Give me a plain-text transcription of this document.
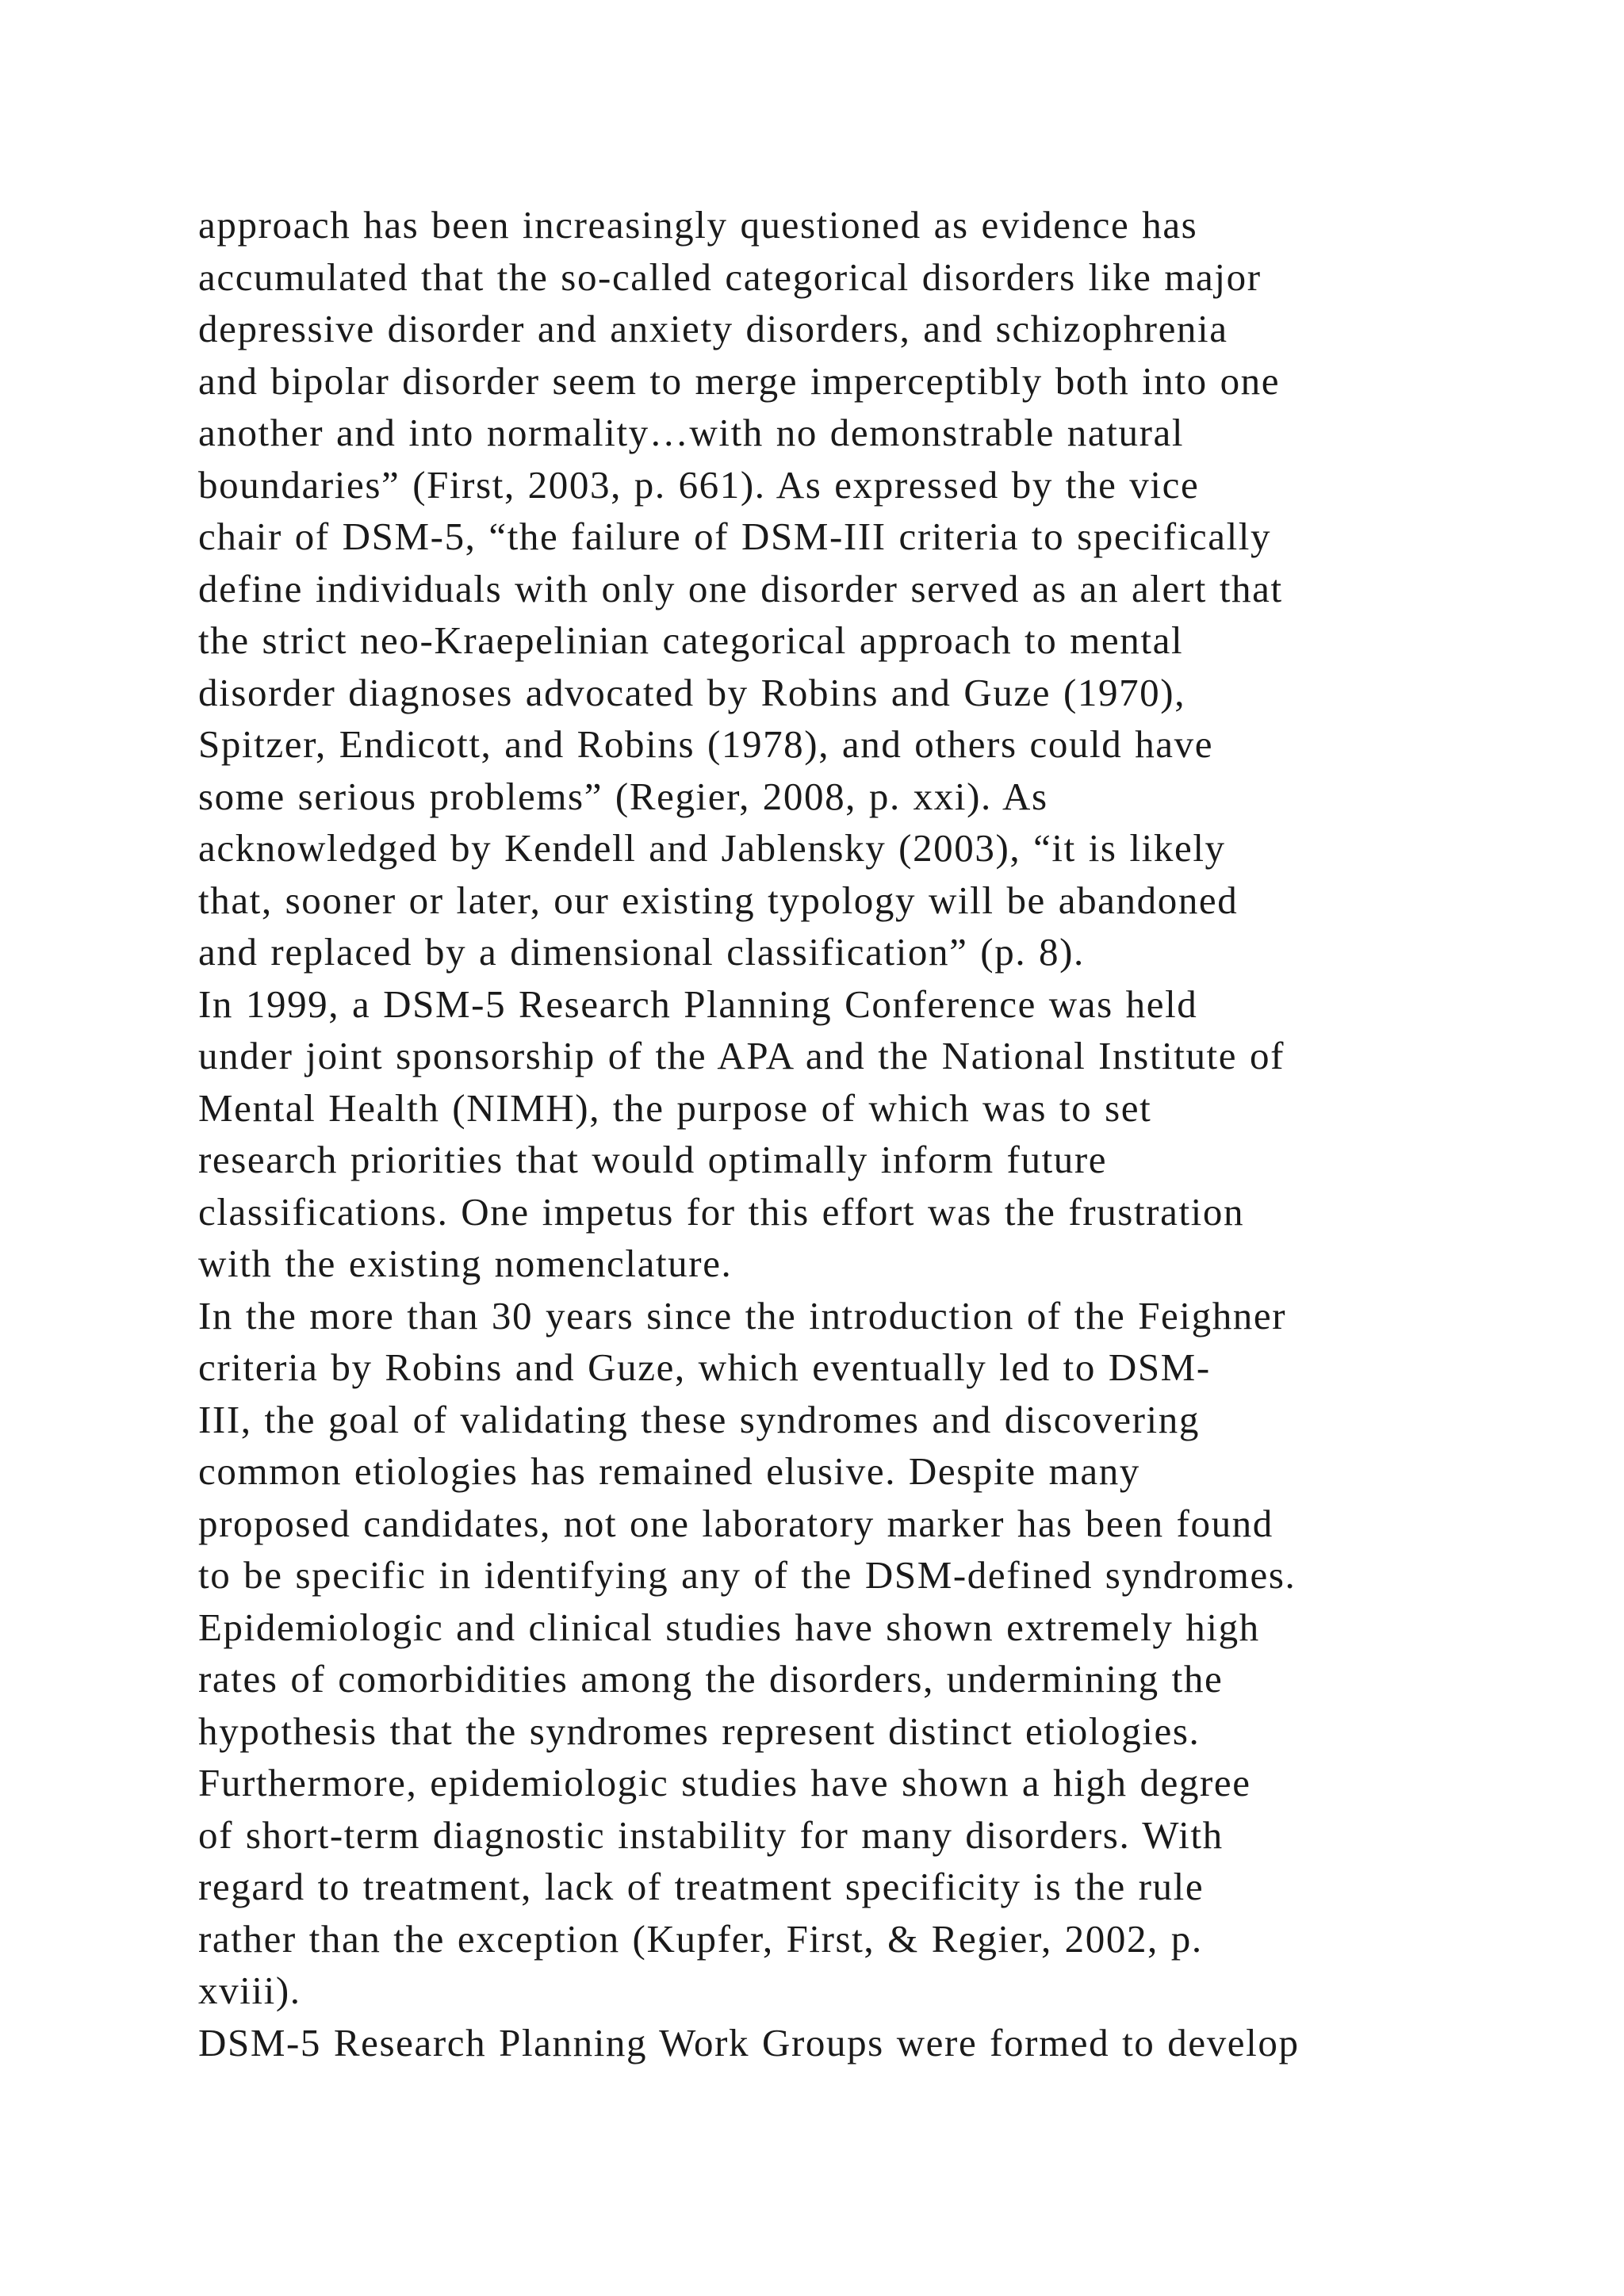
approach has been increasingly questioned as evidence has
accumulated that the so-called categorical disorders like major
depressive disorder and anxiety disorders, and schizophrenia
and bipolar disorder seem to merge imperceptibly both into one
another and into normality…with no demonstrable natural
boundaries” (First, 2003, p. 661). As expressed by the vice
chair of DSM-5, “the failure of DSM-III criteria to specifically
define individuals with only one disorder served as an alert that
the strict neo-Kraepelinian categorical approach to mental
disorder diagnoses advocated by Robins and Guze (1970),
Spitzer, Endicott, and Robins (1978), and others could have
some serious problems” (Regier, 2008, p. xxi). As
acknowledged by Kendell and Jablensky (2003), “it is likely
that, sooner or later, our existing typology will be abandoned
and replaced by a dimensional classification” (p. 8).
In 1999, a DSM-5 Research Planning Conference was held
under joint sponsorship of the APA and the National Institute of
Mental Health (NIMH), the purpose of which was to set
research priorities that would optimally inform future
classifications. One impetus for this effort was the frustration
with the existing nomenclature.
In the more than 30 years since the introduction of the Feighner
criteria by Robins and Guze, which eventually led to DSM-
III, the goal of validating these syndromes and discovering
common etiologies has remained elusive. Despite many
proposed candidates, not one laboratory marker has been found
to be specific in identifying any of the DSM-defined syndromes.
Epidemiologic and clinical studies have shown extremely high
rates of comorbidities among the disorders, undermining the
hypothesis that the syndromes represent distinct etiologies.
Furthermore, epidemiologic studies have shown a high degree
of short-term diagnostic instability for many disorders. With
regard to treatment, lack of treatment specificity is the rule
rather than the exception (Kupfer, First, & Regier, 2002, p.
xviii).
DSM-5 Research Planning Work Groups were formed to develop
